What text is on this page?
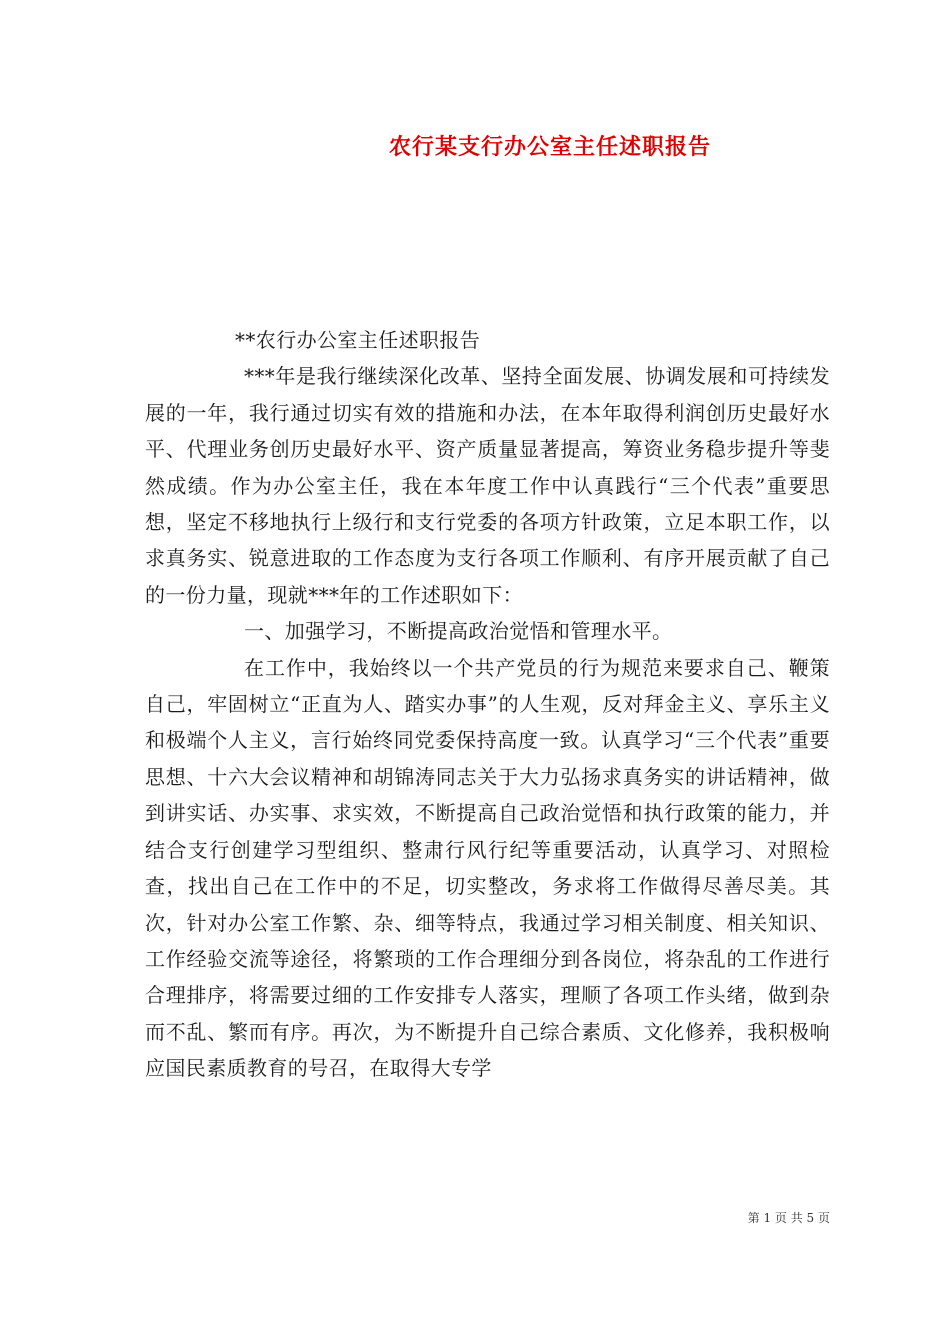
农行某支行办公室主任述职报告

**农行办公室主任述职报告

***年是我行继续深化改革、坚持全面发展、协调发展和可持续发展的一年，我行通过切实有效的措施和办法，在本年取得利润创历史最好水平、代理业务创历史最好水平、资产质量显著提高，筹资业务稳步提升等斐然成绩。作为办公室主任，我在本年度工作中认真践行“三个代表”重要思想，坚定不移地执行上级行和支行党委的各项方针政策，立足本职工作，以求真务实、锐意进取的工作态度为支行各项工作顺利、有序开展贡献了自己的一份力量，现就***年的工作述职如下：

一、加强学习，不断提高政治觉悟和管理水平。

在工作中，我始终以一个共产党员的行为规范来要求自己、鞭策自己，牢固树立“正直为人、踏实办事”的人生观，反对拜金主义、享乐主义和极端个人主义，言行始终同党委保持高度一致。认真学习“三个代表”重要思想、十六大会议精神和胡锦涛同志关于大力弘扬求真务实的讲话精神，做到讲实话、办实事、求实效，不断提高自己政治觉悟和执行政策的能力，并结合支行创建学习型组织、整肃行风行纪等重要活动，认真学习、对照检查，找出自己在工作中的不足，切实整改，务求将工作做得尽善尽美。其次，针对办公室工作繁、杂、细等特点，我通过学习相关制度、相关知识、工作经验交流等途径，将繁琐的工作合理细分到各岗位，将杂乱的工作进行合理排序，将需要过细的工作安排专人落实，理顺了各项工作头绪，做到杂而不乱、繁而有序。再次，为不断提升自己综合素质、文化修养，我积极响应国民素质教育的号召，在取得大专学

第 1 页 共 5 页
